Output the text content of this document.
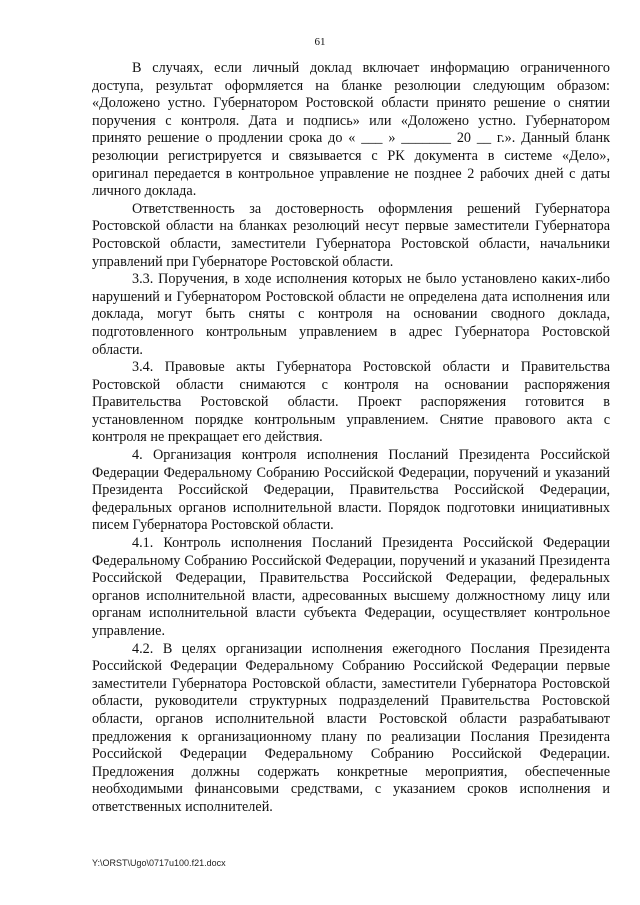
61

В случаях, если личный доклад включает информацию ограниченного доступа, результат оформляется на бланке резолюции следующим образом: «Доложено устно. Губернатором Ростовской области принято решение о снятии поручения с контроля. Дата и подпись» или «Доложено устно. Губернатором принято решение о продлении срока до « ___ » _______ 20 __ г.». Данный бланк резолюции регистрируется и связывается с РК документа в системе «Дело», оригинал передается в контрольное управление не позднее 2 рабочих дней с даты личного доклада.

Ответственность за достоверность оформления решений Губернатора Ростовской области на бланках резолюций несут первые заместители Губернатора Ростовской области, заместители Губернатора Ростовской области, начальники управлений при Губернаторе Ростовской области.

3.3. Поручения, в ходе исполнения которых не было установлено каких-либо нарушений и Губернатором Ростовской области не определена дата исполнения или доклада, могут быть сняты с контроля на основании сводного доклада, подготовленного контрольным управлением в адрес Губернатора Ростовской области.

3.4. Правовые акты Губернатора Ростовской области и Правительства Ростовской области снимаются с контроля на основании распоряжения Правительства Ростовской области. Проект распоряжения готовится в установленном порядке контрольным управлением. Снятие правового акта с контроля не прекращает его действия.

4. Организация контроля исполнения Посланий Президента Российской Федерации Федеральному Собранию Российской Федерации, поручений и указаний Президента Российской Федерации, Правительства Российской Федерации, федеральных органов исполнительной власти. Порядок подготовки инициативных писем Губернатора Ростовской области.

4.1. Контроль исполнения Посланий Президента Российской Федерации Федеральному Собранию Российской Федерации, поручений и указаний Президента Российской Федерации, Правительства Российской Федерации, федеральных органов исполнительной власти, адресованных высшему должностному лицу или органам исполнительной власти субъекта Федерации, осуществляет контрольное управление.

4.2. В целях организации исполнения ежегодного Послания Президента Российской Федерации Федеральному Собранию Российской Федерации первые заместители Губернатора Ростовской области, заместители Губернатора Ростовской области, руководители структурных подразделений Правительства Ростовской области, органов исполнительной власти Ростовской области разрабатывают предложения к организационному плану по реализации Послания Президента Российской Федерации Федеральному Собранию Российской Федерации. Предложения должны содержать конкретные мероприятия, обеспеченные необходимыми финансовыми средствами, с указанием сроков исполнения и ответственных исполнителей.

Y:\ORST\Ugo\0717u100.f21.docx
